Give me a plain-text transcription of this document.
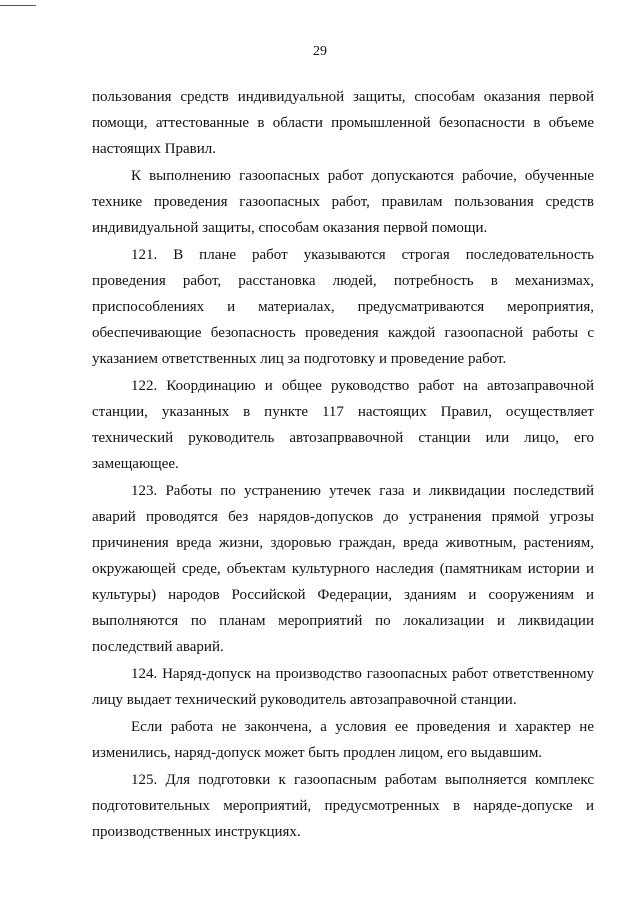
29

пользования средств индивидуальной защиты, способам оказания первой помощи, аттестованные в области промышленной безопасности в объеме настоящих Правил.

К выполнению газоопасных работ допускаются рабочие, обученные технике проведения газоопасных работ, правилам пользования средств индивидуальной защиты, способам оказания первой помощи.

121. В плане работ указываются строгая последовательность проведения работ, расстановка людей, потребность в механизмах, приспособлениях и материалах, предусматриваются мероприятия, обеспечивающие безопасность проведения каждой газоопасной работы с указанием ответственных лиц за подготовку и проведение работ.

122. Координацию и общее руководство работ на автозаправочной станции, указанных в пункте 117 настоящих Правил, осуществляет технический руководитель автозапрвавочной станции или лицо, его замещающее.

123. Работы по устранению утечек газа и ликвидации последствий аварий проводятся без нарядов-допусков до устранения прямой угрозы причинения вреда жизни, здоровью граждан, вреда животным, растениям, окружающей среде, объектам культурного наследия (памятникам истории и культуры) народов Российской Федерации, зданиям и сооружениям и выполняются по планам мероприятий по локализации и ликвидации последствий аварий.

124. Наряд-допуск на производство газоопасных работ ответственному лицу выдает технический руководитель автозаправочной станции.

Если работа не закончена, а условия ее проведения и характер не изменились, наряд-допуск может быть продлен лицом, его выдавшим.

125. Для подготовки к газоопасным работам выполняется комплекс подготовительных мероприятий, предусмотренных в наряде-допуске и производственных инструкциях.
